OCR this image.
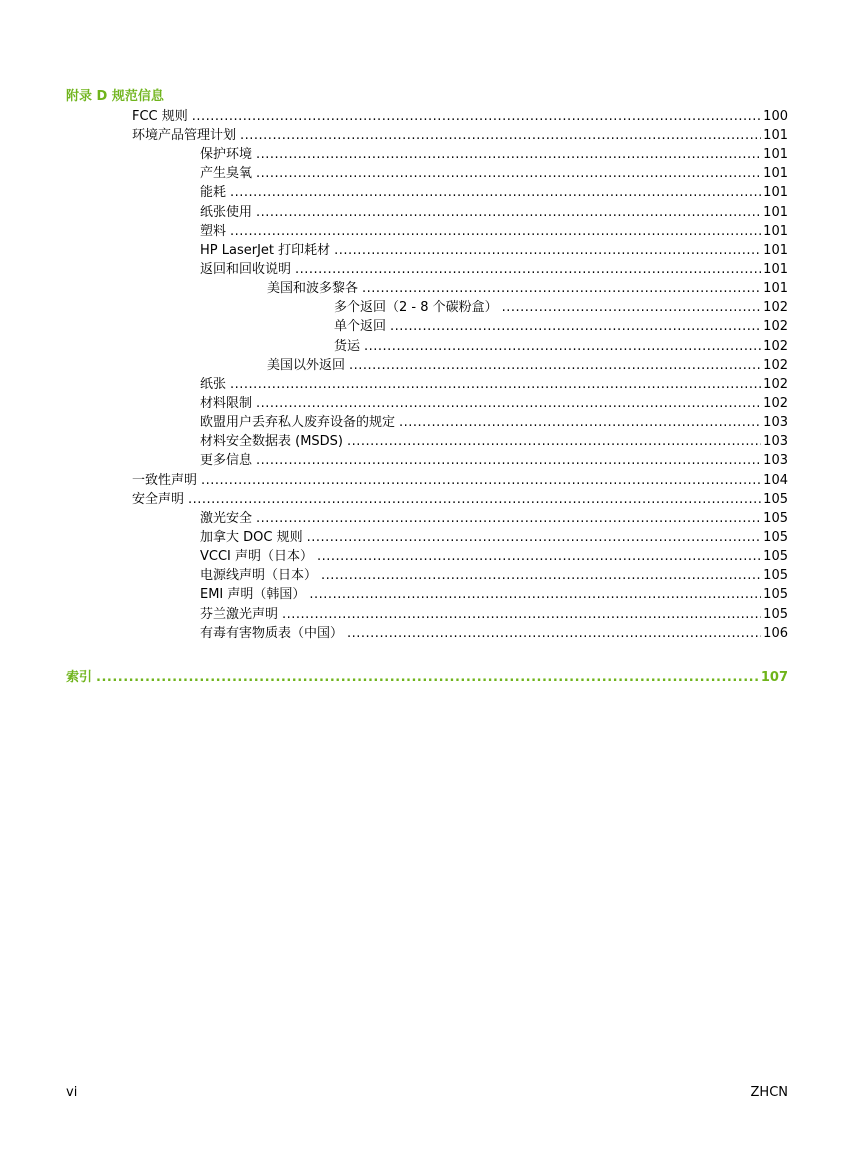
附录 D 规范信息
FCC 规则 .....	100
环境产品管理计划 .....	101
保护环境 .....	101
产生臭氧 .....	101
能耗 .....	101
纸张使用 .....	101
塑料 .....	101
HP LaserJet 打印耗材 .....	101
返回和回收说明 .....	101
美国和波多黎各 .....	101
多个返回（2 - 8 个碳粉盒） .....	102
单个返回 .....	102
货运 .....	102
美国以外返回 .....	102
纸张 .....	102
材料限制 .....	102
欧盟用户丢弃私人废弃设备的规定 .....	103
材料安全数据表 (MSDS) .....	103
更多信息 .....	103
一致性声明 .....	104
安全声明 .....	105
激光安全 .....	105
加拿大 DOC 规则 .....	105
VCCI 声明（日本） .....	105
电源线声明（日本） .....	105
EMI 声明（韩国） .....	105
芬兰激光声明 .....	105
有毒有害物质表（中国） .....	106
索引 .....	107
vi	ZHCN
